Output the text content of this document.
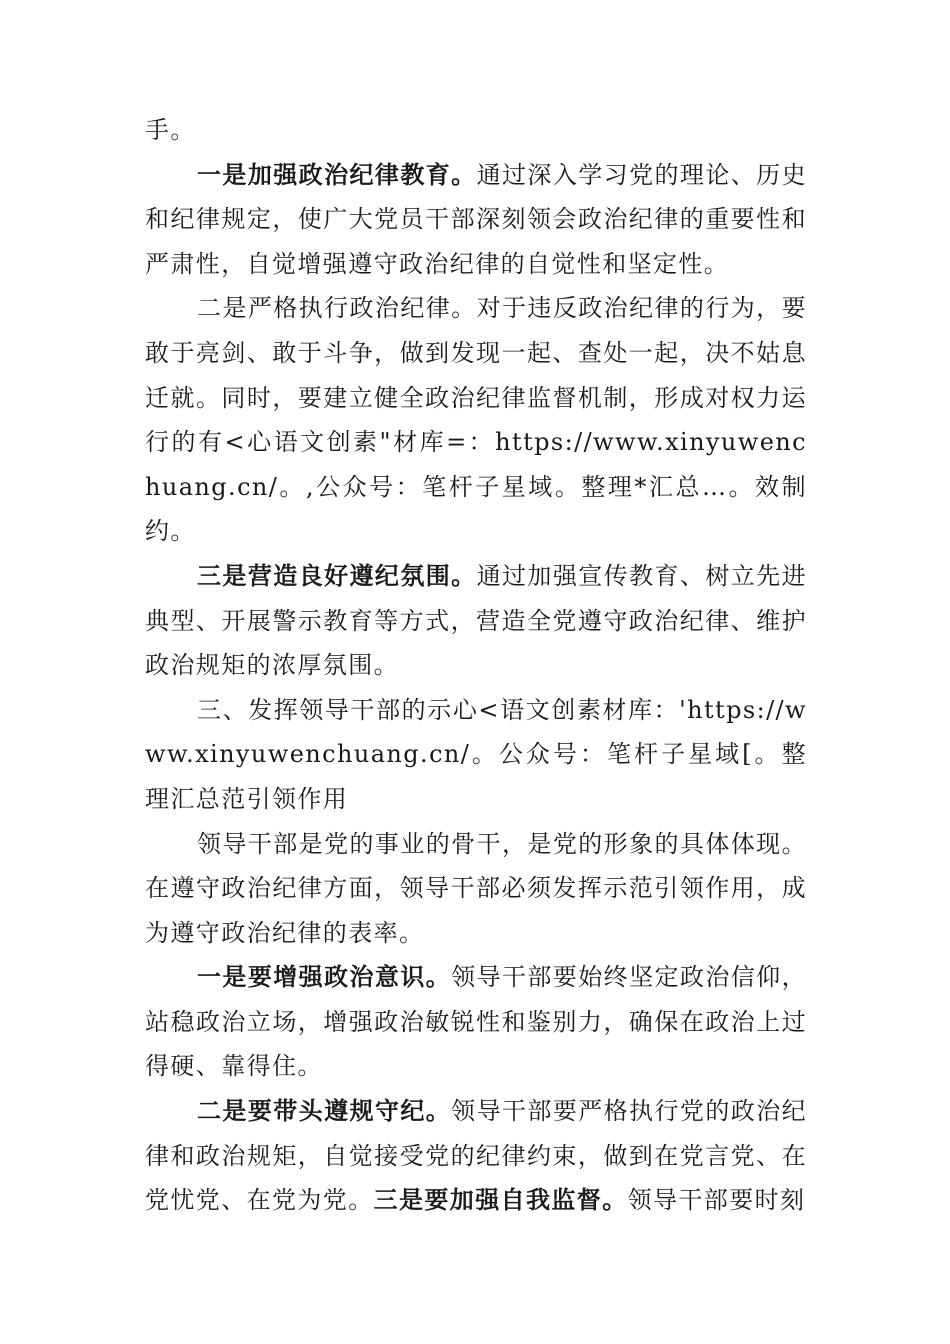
手。

一是加强政治纪律教育。通过深入学习党的理论、历史和纪律规定，使广大党员干部深刻领会政治纪律的重要性和严肃性，自觉增强遵守政治纪律的自觉性和坚定性。

二是严格执行政治纪律。对于违反政治纪律的行为，要敢于亮剑、敢于斗争，做到发现一起、查处一起，决不姑息迁就。同时，要建立健全政治纪律监督机制，形成对权力运行的有<心语文创素"材库=：https://www.xinyuwenchuang.cn/。,公众号：笔杆子星域。整理*汇总…。效制约。

三是营造良好遵纪氛围。通过加强宣传教育、树立先进典型、开展警示教育等方式，营造全党遵守政治纪律、维护政治规矩的浓厚氛围。

三、发挥领导干部的示心<语文创素材库：'https://www.xinyuwenchuang.cn/。公众号：笔杆子星域[。整理汇总范引领作用

领导干部是党的事业的骨干，是党的形象的具体体现。在遵守政治纪律方面，领导干部必须发挥示范引领作用，成为遵守政治纪律的表率。

一是要增强政治意识。领导干部要始终坚定政治信仰，站稳政治立场，增强政治敏锐性和鉴别力，确保在政治上过得硬、靠得住。

二是要带头遵规守纪。领导干部要严格执行党的政治纪律和政治规矩，自觉接受党的纪律约束，做到在党言党、在党忧党、在党为党。三是要加强自我监督。领导干部要时刻
